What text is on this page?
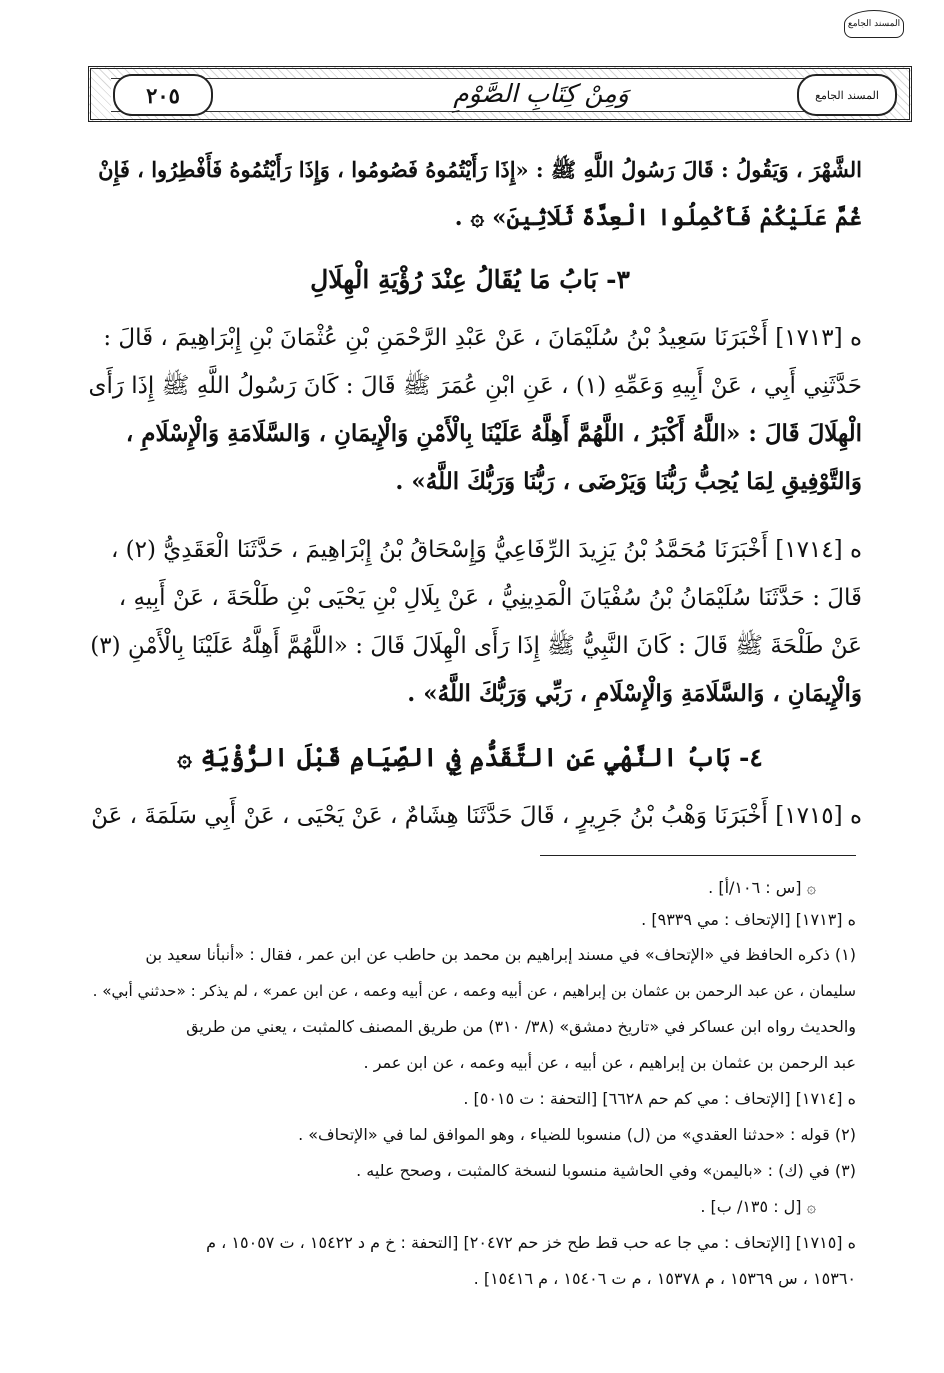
المسند الجامع
٢٠٥	وَمِنْ كِتَابِ الصَّوْمِ	المسند الجامع
الشَّهْرَ ، وَيَقُولُ : قَالَ رَسُولُ اللَّهِ ﷺ : «إِذَا رَأَيْتُمُوهُ فَصُومُوا ، وَإِذَا رَأَيْتُمُوهُ فَأَفْطِرُوا ، فَإِنْ
غُمَّ عَلَيْكُمْ فَأَكْمِلُوا الْعِدَّةَ ثَلَاثِينَ» ۞ .
٣- بَابُ مَا يُقَالُ عِنْدَ رُؤْيَةِ الْهِلَالِ
ه [١٧١٣] أَخْبَرَنَا سَعِيدُ بْنُ سُلَيْمَانَ ، عَنْ عَبْدِ الرَّحْمَنِ بْنِ عُثْمَانَ بْنِ إِبْرَاهِيمَ ، قَالَ :
حَدَّثَنِي أَبِي ، عَنْ أَبِيهِ وَعَمِّهِ (١) ، عَنِ ابْنِ عُمَرَ ﷺ قَالَ : كَانَ رَسُولُ اللَّهِ ﷺ إِذَا رَأَى
الْهِلَالَ قَالَ : «اللَّهُ أَكْبَرُ ، اللَّهُمَّ أَهِلَّهُ عَلَيْنَا بِالْأَمْنِ وَالْإِيمَانِ ، وَالسَّلَامَةِ وَالْإِسْلَامِ ،
وَالتَّوْفِيقِ لِمَا يُحِبُّ رَبُّنَا وَيَرْضَى ، رَبُّنَا وَرَبُّكَ اللَّهُ» .
ه [١٧١٤] أَخْبَرَنَا مُحَمَّدُ بْنُ يَزِيدَ الرِّفَاعِيُّ وَإِسْحَاقُ بْنُ إِبْرَاهِيمَ ، حَدَّثَنَا الْعَقَدِيُّ (٢) ،
قَالَ : حَدَّثَنَا سُلَيْمَانُ بْنُ سُفْيَانَ الْمَدِينِيُّ ، عَنْ بِلَالِ بْنِ يَحْيَى بْنِ طَلْحَةَ ، عَنْ أَبِيهِ ،
عَنْ طَلْحَةَ ﷺ قَالَ : كَانَ النَّبِيُّ ﷺ إِذَا رَأَى الْهِلَالَ قَالَ : «اللَّهُمَّ أَهِلَّهُ عَلَيْنَا بِالْأَمْنِ (٣)
وَالْإِيمَانِ ، وَالسَّلَامَةِ وَالْإِسْلَامِ ، رَبِّي وَرَبُّكَ اللَّهُ» .
٤- بَابُ النَّهْيِ عَنِ التَّقَدُّمِ فِي الصِّيَامِ قَبْلَ الرُّؤْيَةِ ۞
ه [١٧١٥] أَخْبَرَنَا وَهْبُ بْنُ جَرِيرٍ ، قَالَ حَدَّثَنَا هِشَامٌ ، عَنْ يَحْيَى ، عَنْ أَبِي سَلَمَةَ ، عَنْ
۞ [س : ١٠٦/أ] .
ه [١٧١٣] [الإتحاف : مي ٩٣٣٩] .
(١) ذكره الحافظ في «الإتحاف» في مسند إبراهيم بن محمد بن حاطب عن ابن عمر ، فقال : «أنبأنا سعيد بن
سليمان ، عن عبد الرحمن بن عثمان بن إبراهيم ، عن أبيه وعمه ، عن أبيه وعمه ، عن ابن عمر» ، لم يذكر : «حدثني أبي» .
والحديث رواه ابن عساكر في «تاريخ دمشق» (٣٨/ ٣١٠) من طريق المصنف كالمثبت ، يعني من طريق
عبد الرحمن بن عثمان بن إبراهيم ، عن أبيه ، عن أبيه وعمه ، عن ابن عمر .
ه [١٧١٤] [الإتحاف : مي كم حم ٦٦٢٨] [التحفة : ت ٥٠١٥] .
(٢) قوله : «حدثنا العقدي» من (ل) منسوبا للضياء ، وهو الموافق لما في «الإتحاف» .
(٣) في (ك) : «باليمن» وفي الحاشية منسوبا لنسخة كالمثبت ، وصحح عليه .
۞ [ل : ١٣٥/ ب] .
ه [١٧١٥] [الإتحاف : مي جا عه حب قط طح خز حم ٢٠٤٧٢] [التحفة : خ م د ١٥٤٢٢ ، ت ١٥٠٥٧ ، م
١٥٣٦٠ ، س ١٥٣٦٩ ، م ١٥٣٧٨ ، م ت ١٥٤٠٦ ، م ١٥٤١٦] .
